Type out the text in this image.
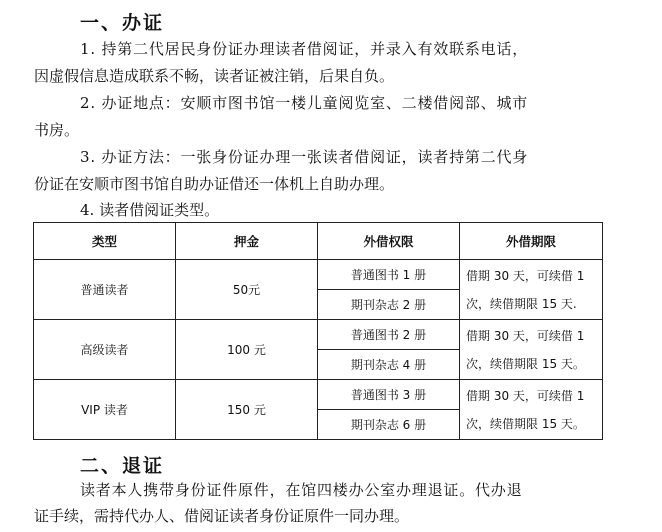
一、办证
1. 持第二代居民身份证办理读者借阅证，并录入有效联系电话，
因虚假信息造成联系不畅，读者证被注销，后果自负。
2. 办证地点：安顺市图书馆一楼儿童阅览室、二楼借阅部、城市
书房。
3. 办证方法：一张身份证办理一张读者借阅证，读者持第二代身
份证在安顺市图书馆自助办证借还一体机上自助办理。
4. 读者借阅证类型。
类型	押金	外借权限	外借期限
普通读者	50元	普通图书 1 册	借期 30 天，可续借 1
次，续借期限 15 天.

		期刊杂志 2 册	
高级读者	100 元	普通图书 2 册	借期 30 天，可续借 1
次，续借期限 15 天。

		期刊杂志 4 册	
VIP 读者	150 元	普通图书 3 册	借期 30 天，可续借 1
次，续借期限 15 天。

		期刊杂志 6 册	
二、退证
读者本人携带身份证件原件，在馆四楼办公室办理退证。代办退
证手续，需持代办人、借阅证读者身份证原件一同办理。
